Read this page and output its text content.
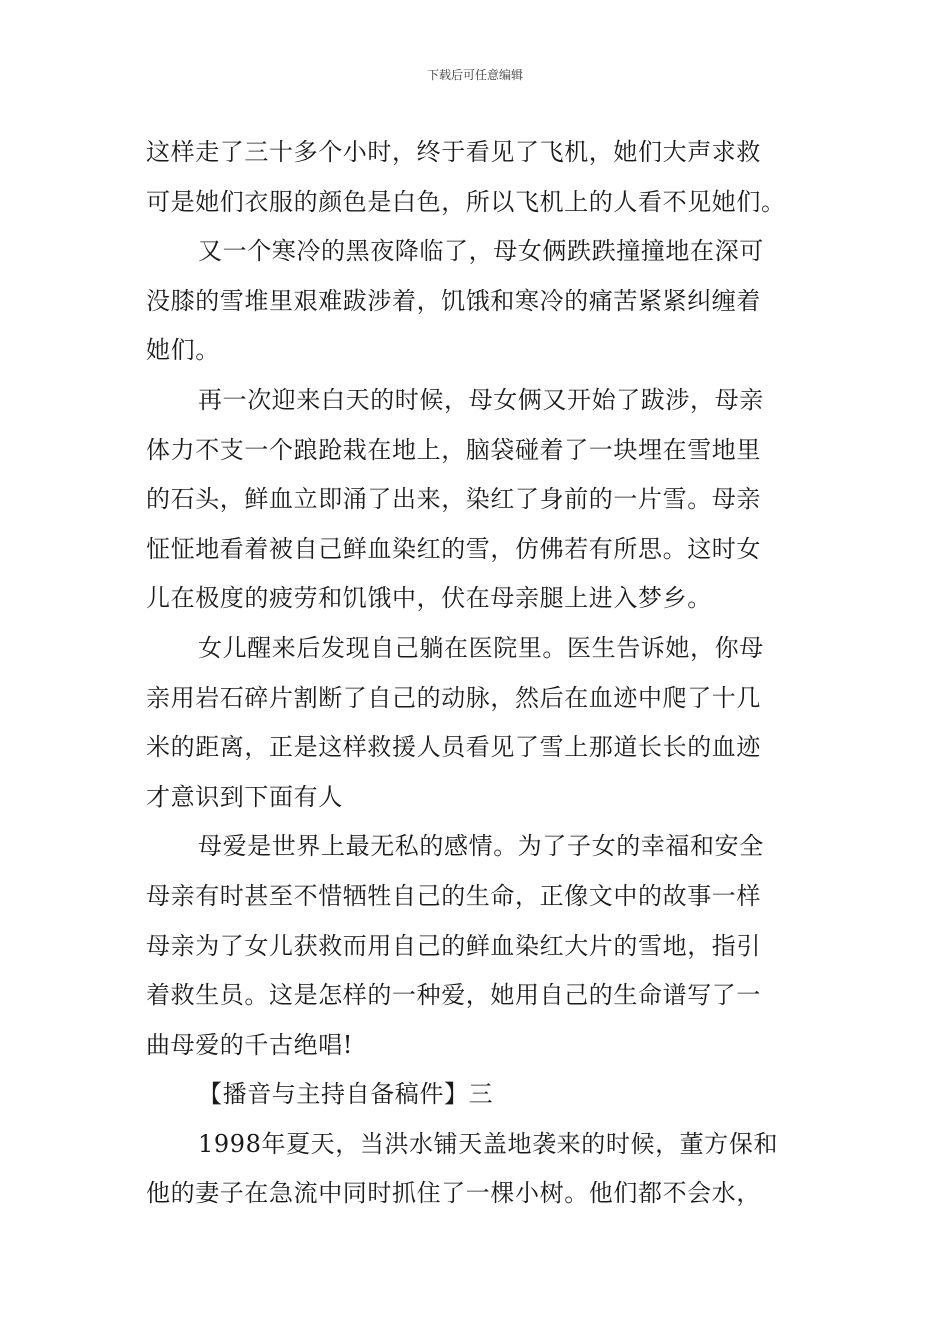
下载后可任意编辑
这样走了三十多个小时，终于看见了飞机，她们大声求救
可是她们衣服的颜色是白色，所以飞机上的人看不见她们。
又一个寒冷的黑夜降临了，母女俩跌跌撞撞地在深可
没膝的雪堆里艰难跋涉着，饥饿和寒冷的痛苦紧紧纠缠着
她们。
再一次迎来白天的时候，母女俩又开始了跋涉，母亲
体力不支一个踉跄栽在地上，脑袋碰着了一块埋在雪地里
的石头，鲜血立即涌了出来，染红了身前的一片雪。母亲
怔怔地看着被自己鲜血染红的雪，仿佛若有所思。这时女
儿在极度的疲劳和饥饿中，伏在母亲腿上进入梦乡。
女儿醒来后发现自己躺在医院里。医生告诉她，你母
亲用岩石碎片割断了自己的动脉，然后在血迹中爬了十几
米的距离，正是这样救援人员看见了雪上那道长长的血迹
才意识到下面有人
母爱是世界上最无私的感情。为了子女的幸福和安全
母亲有时甚至不惜牺牲自己的生命，正像文中的故事一样
母亲为了女儿获救而用自己的鲜血染红大片的雪地，指引
着救生员。这是怎样的一种爱，她用自己的生命谱写了一
曲母爱的千古绝唱!
【播音与主持自备稿件】三
1998年夏天，当洪水铺天盖地袭来的时候，董方保和
他的妻子在急流中同时抓住了一棵小树。他们都不会水，
